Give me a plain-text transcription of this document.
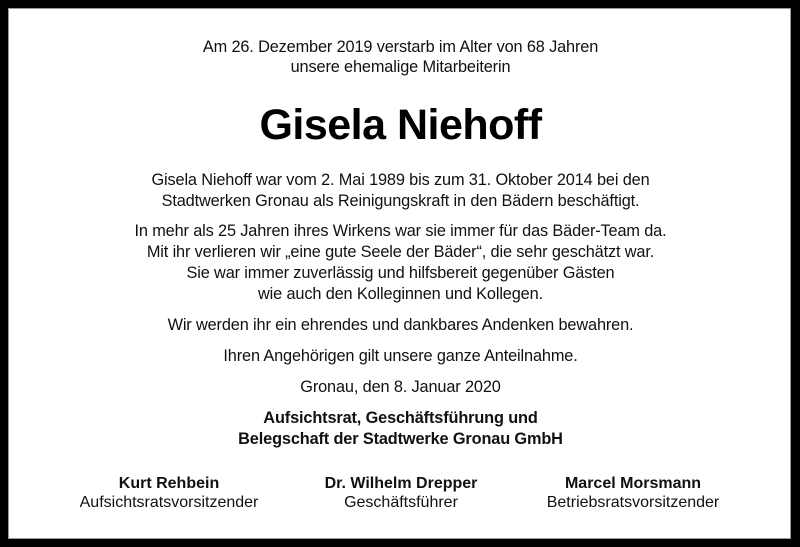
Am 26. Dezember 2019 verstarb im Alter von 68 Jahren
unsere ehemalige Mitarbeiterin
Gisela Niehoff
Gisela Niehoff war vom 2. Mai 1989 bis zum 31. Oktober 2014 bei den
Stadtwerken Gronau als Reinigungskraft in den Bädern beschäftigt.
In mehr als 25 Jahren ihres Wirkens war sie immer für das Bäder-Team da.
Mit ihr verlieren wir „eine gute Seele der Bäder“, die sehr geschätzt war.
Sie war immer zuverlässig und hilfsbereit gegenüber Gästen
wie auch den Kolleginnen und Kollegen.
Wir werden ihr ein ehrendes und dankbares Andenken bewahren.
Ihren Angehörigen gilt unsere ganze Anteilnahme.
Gronau, den 8. Januar 2020
Aufsichtsrat, Geschäftsführung und
Belegschaft der Stadtwerke Gronau GmbH
Kurt Rehbein
Aufsichtsratsvorsitzender
Dr. Wilhelm Drepper
Geschäftsführer
Marcel Morsmann
Betriebsratsvorsitzender
